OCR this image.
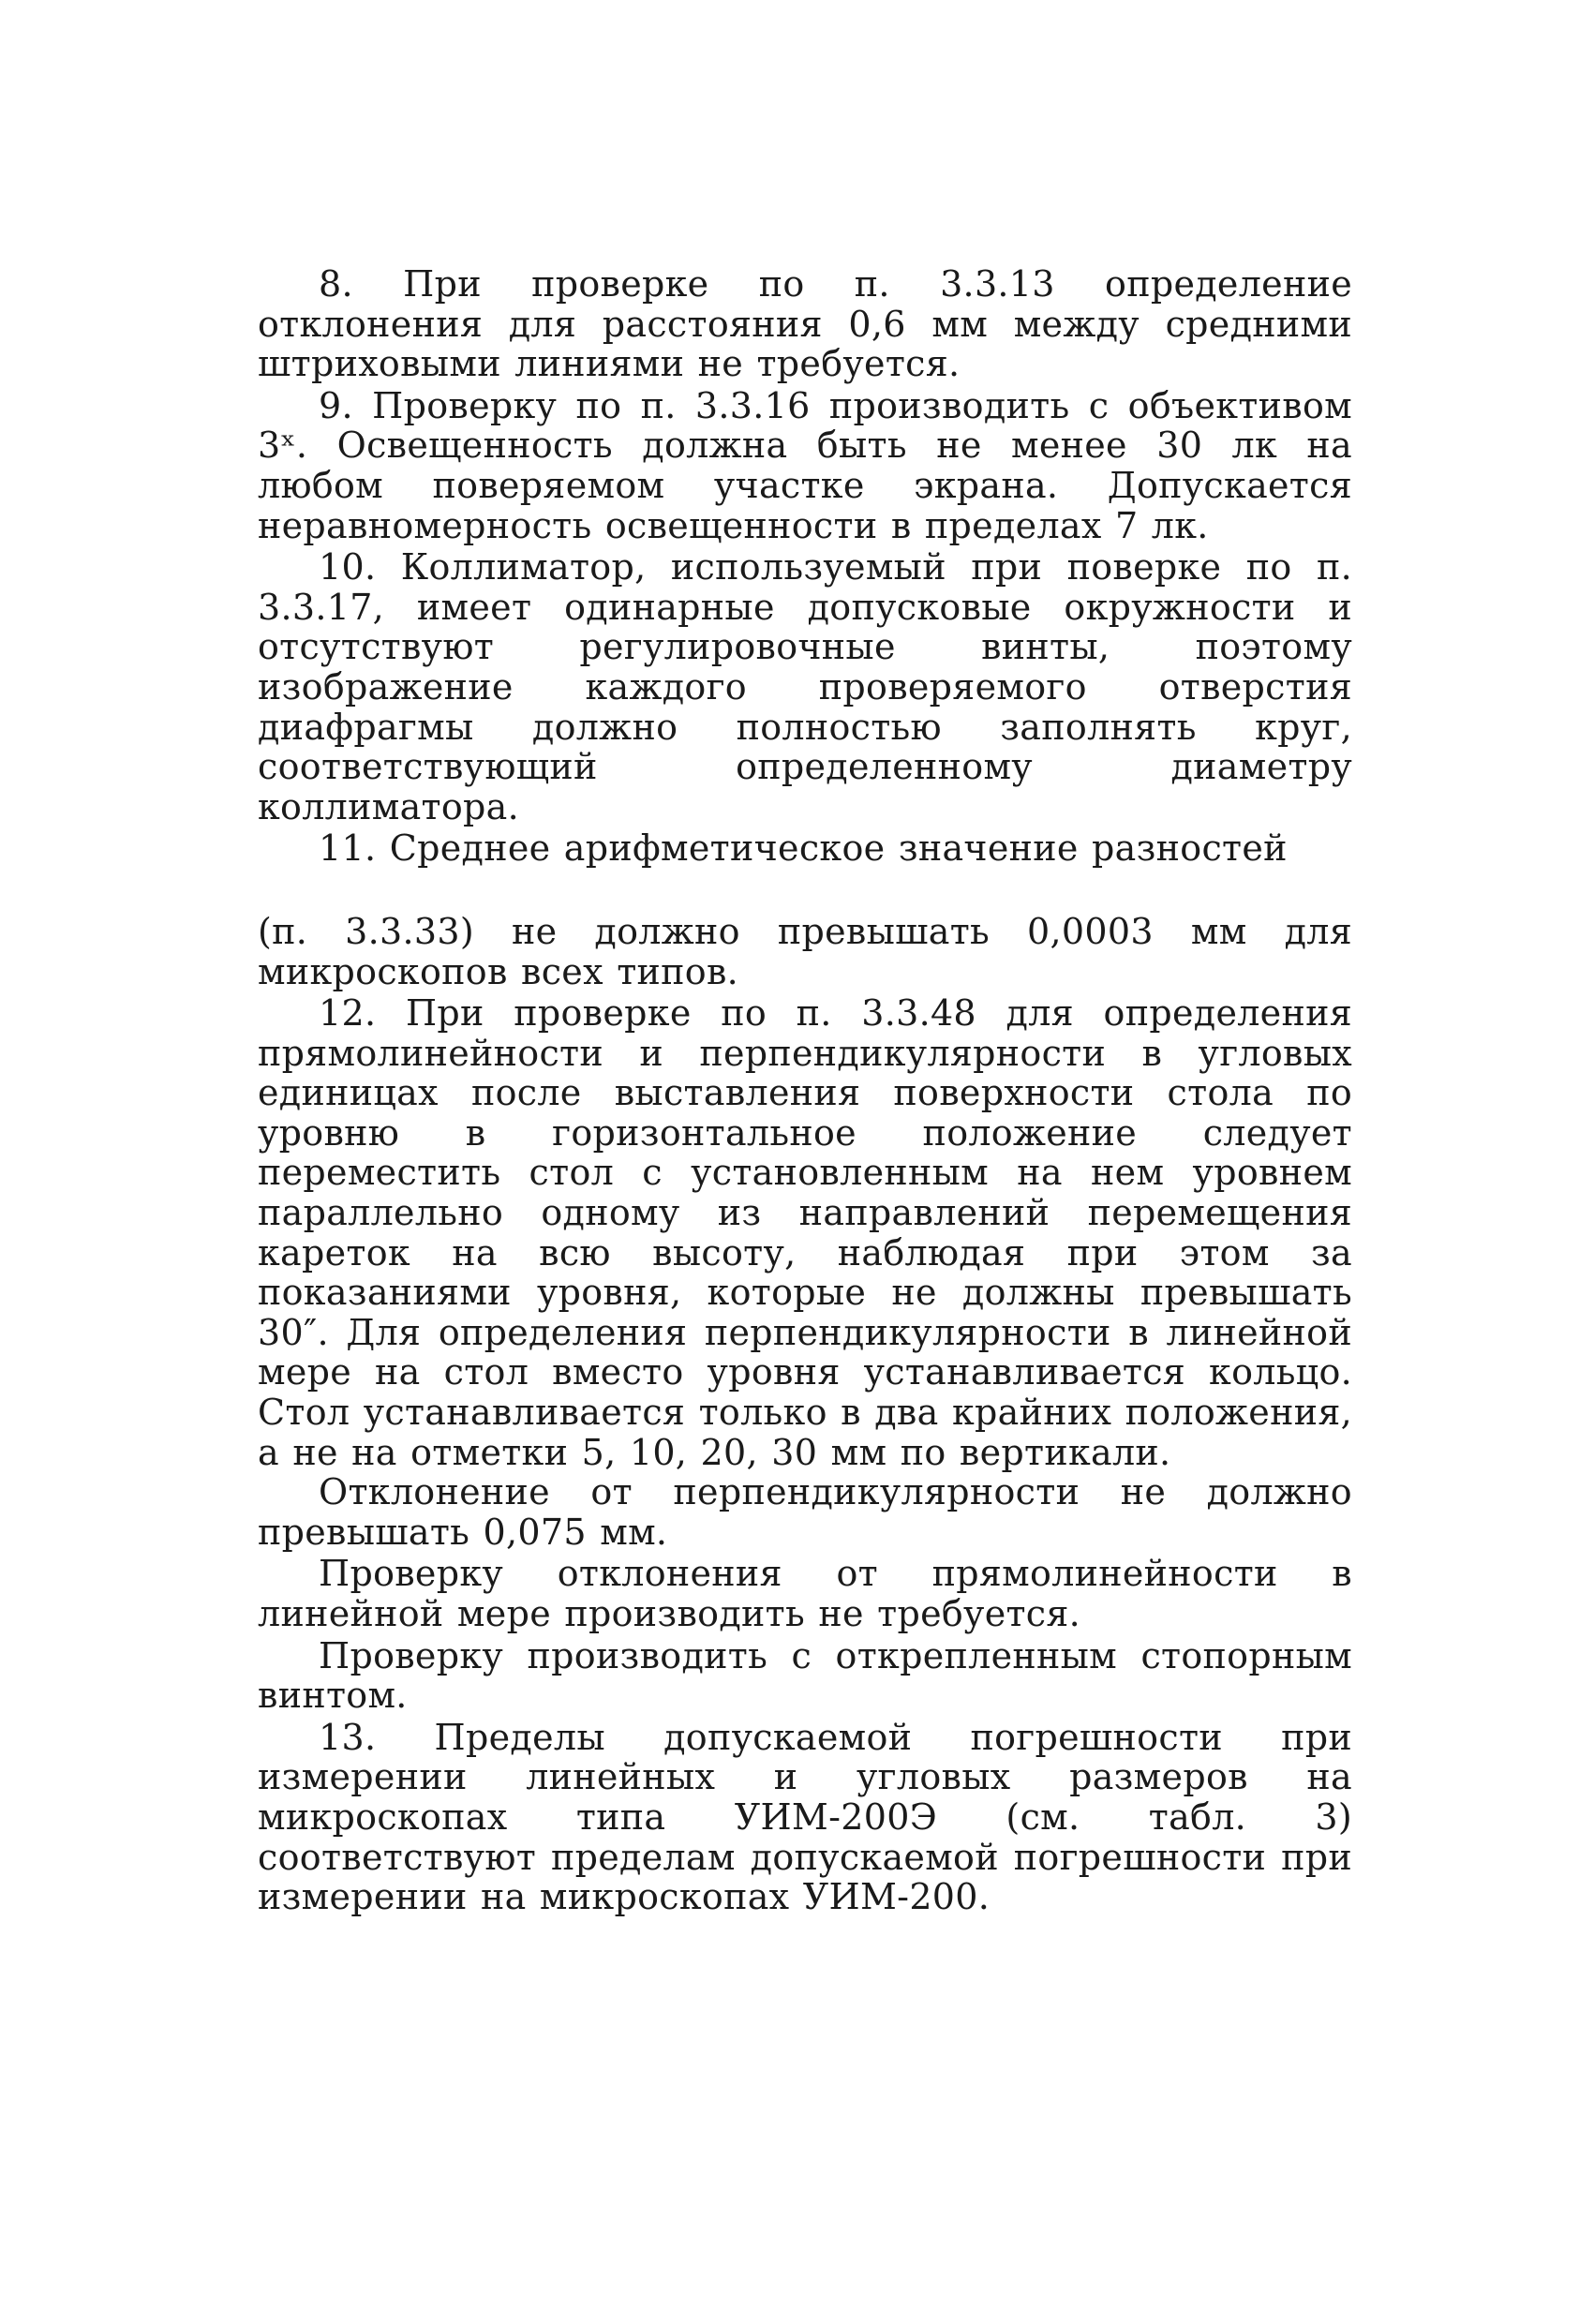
8. При проверке по п. 3.3.13 определение отклонения для расстояния 0,6 мм между средними штриховыми линиями не требуется.

9. Проверку по п. 3.3.16 производить с объективом 3ˣ. Освещенность должна быть не менее 30 лк на любом поверяемом участке экрана. Допускается неравномерность освещенности в пределах 7 лк.

10. Коллиматор, используемый при поверке по п. 3.3.17, имеет одинарные допусковые окружности и отсутствуют регулировочные винты, поэтому изображение каждого проверяемого отверстия диафрагмы должно полностью заполнять круг, соответствующий определенному диаметру коллиматора.

11. Среднее арифметическое значение разностей

(п. 3.3.33) не должно превышать 0,0003 мм для микроскопов всех типов.

12. При проверке по п. 3.3.48 для определения прямолинейности и перпендикулярности в угловых единицах после выставления поверхности стола по уровню в горизонтальное положение следует переместить стол с установленным на нем уровнем параллельно одному из направлений перемещения кареток на всю высоту, наблюдая при этом за показаниями уровня, которые не должны превышать 30″. Для определения перпендикулярности в линейной мере на стол вместо уровня устанавливается кольцо. Стол устанавливается только в два крайних положения, а не на отметки 5, 10, 20, 30 мм по вертикали.

Отклонение от перпендикулярности не должно превышать 0,075 мм.

Проверку отклонения от прямолинейности в линейной мере производить не требуется.

Проверку производить с открепленным стопорным винтом.

13. Пределы допускаемой погрешности при измерении линейных и угловых размеров на микроскопах типа УИМ-200Э (см. табл. 3) соответствуют пределам допускаемой погрешности при измерении на микроскопах УИМ-200.
